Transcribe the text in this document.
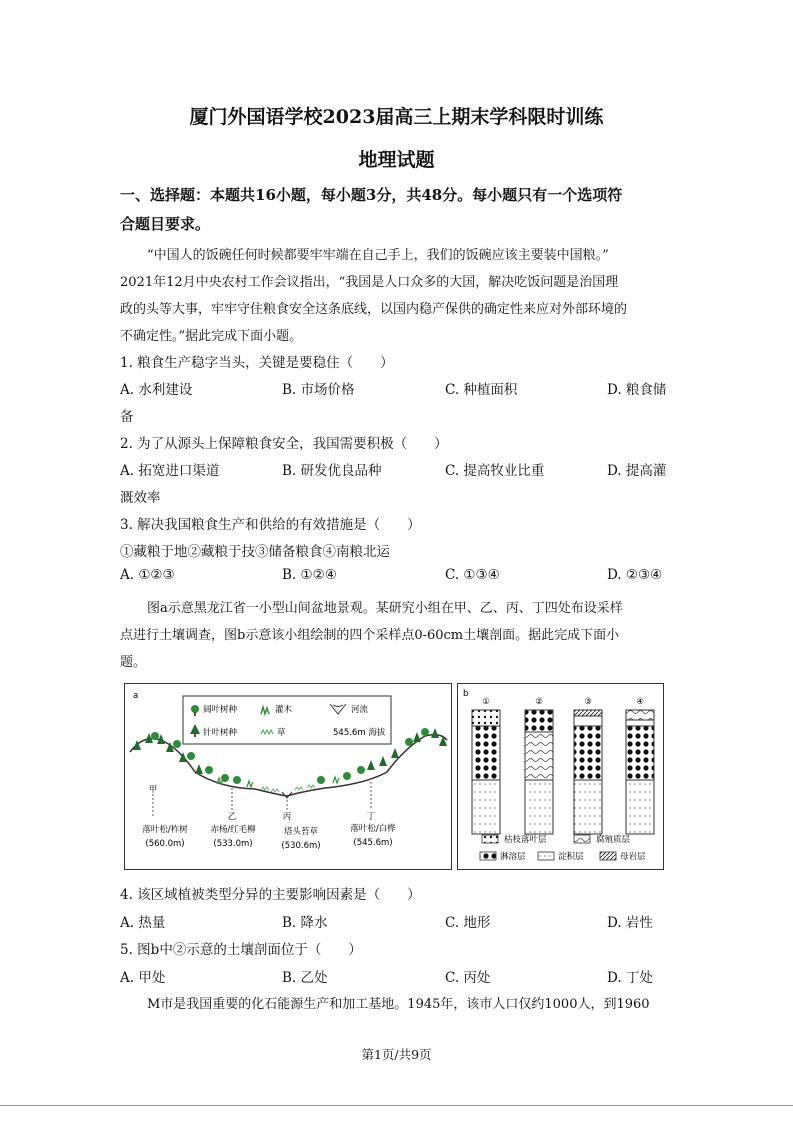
厦门外国语学校2023届高三上期末学科限时训练
地理试题
一、选择题：本题共16小题，每小题3分，共48分。每小题只有一个选项符
合题目要求。
“中国人的饭碗任何时候都要牢牢端在自己手上，我们的饭碗应该主要装中国粮。”
2021年12月中央农村工作会议指出，“我国是人口众多的大国，解决吃饭问题是治国理
政的头等大事，牢牢守住粮食安全这条底线，以国内稳产保供的确定性来应对外部环境的
不确定性。”据此完成下面小题。
1. 粮食生产稳字当头，关键是要稳住（　　）
A. 水利建设	B. 市场价格	C. 种植面积	D. 粮食储
备
2. 为了从源头上保障粮食安全，我国需要积极（　　）
A. 拓宽进口渠道	B. 研发优良品种	C. 提高牧业比重	D. 提高灌
溉效率
3. 解决我国粮食生产和供给的有效措施是（　　）
①藏粮于地②藏粮于技③储备粮食④南粮北运
A. ①②③	B. ①②④	C. ①③④	D. ②③④
图a示意黑龙江省一小型山间盆地景观。某研究小组在甲、乙、丙、丁四处布设采样
点进行土壤调查，图b示意该小组绘制的四个采样点0-60cm土壤剖面。据此完成下面小
题。
a
阔叶树种	灌木	河流
针叶树种	草	545.6m 海拔
甲
乙	丙	丁
落叶松/柞树
(560.0m)
赤杨/红毛柳
(533.0m)
塔头苔草
(530.6m)
落叶松/白桦
(545.6m)
b
①	②	③	④
枯枝落叶层	腐殖质层
淋溶层	淀积层	母岩层
4. 该区域植被类型分异的主要影响因素是（　　）
A. 热量	B. 降水	C. 地形	D. 岩性
5. 图b中②示意的土壤剖面位于（　　）
A. 甲处	B. 乙处	C. 丙处	D. 丁处
M市是我国重要的化石能源生产和加工基地。1945年，该市人口仅约1000人，到1960
第1页/共9页
